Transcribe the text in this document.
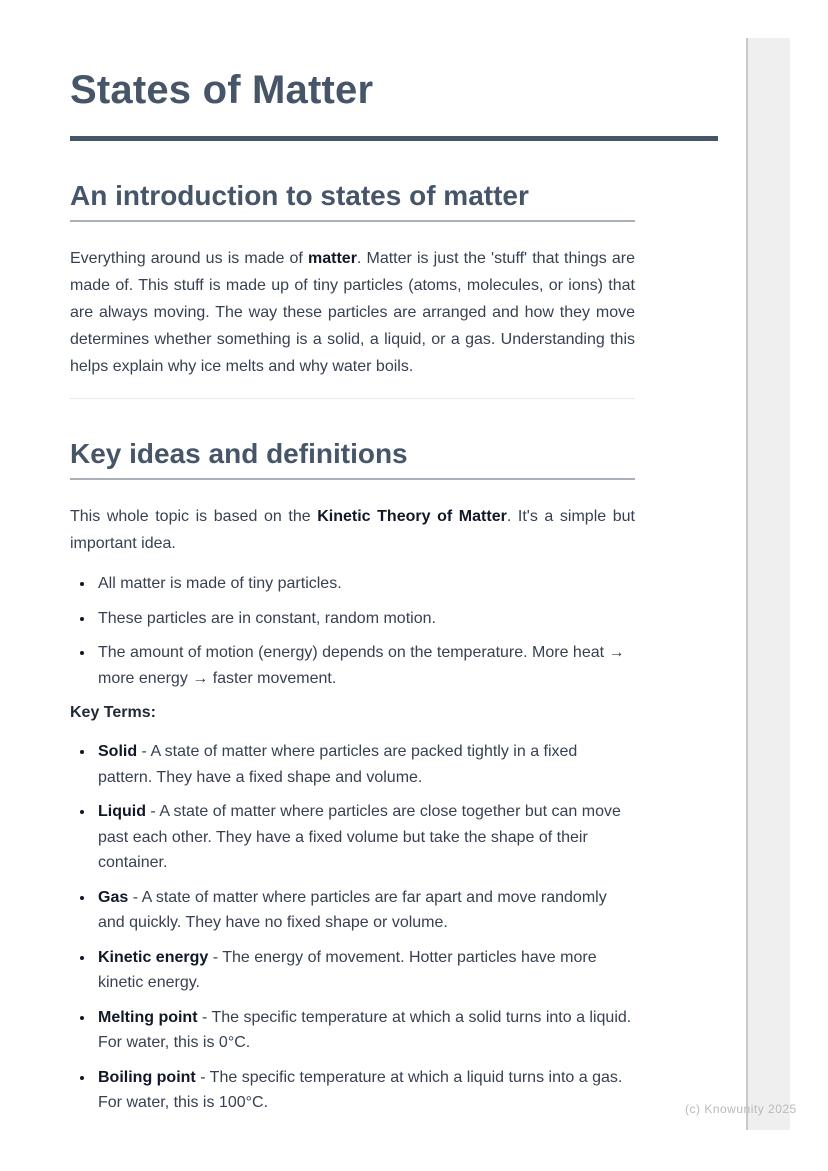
States of Matter
An introduction to states of matter

Everything around us is made of matter. Matter is just the 'stuff' that things are made of. This stuff is made up of tiny particles (atoms, molecules, or ions) that are always moving. The way these particles are arranged and how they move determines whether something is a solid, a liquid, or a gas. Understanding this helps explain why ice melts and why water boils.

Key ideas and definitions

This whole topic is based on the Kinetic Theory of Matter. It's a simple but important idea.

• All matter is made of tiny particles.
• These particles are in constant, random motion.
• The amount of motion (energy) depends on the temperature. More heat → more energy → faster movement.

Key Terms:

• Solid - A state of matter where particles are packed tightly in a fixed pattern. They have a fixed shape and volume.
• Liquid - A state of matter where particles are close together but can move past each other. They have a fixed volume but take the shape of their container.
• Gas - A state of matter where particles are far apart and move randomly and quickly. They have no fixed shape or volume.
• Kinetic energy - The energy of movement. Hotter particles have more kinetic energy.
• Melting point - The specific temperature at which a solid turns into a liquid. For water, this is 0°C.
• Boiling point - The specific temperature at which a liquid turns into a gas. For water, this is 100°C.	(c) Knowunity 2025
